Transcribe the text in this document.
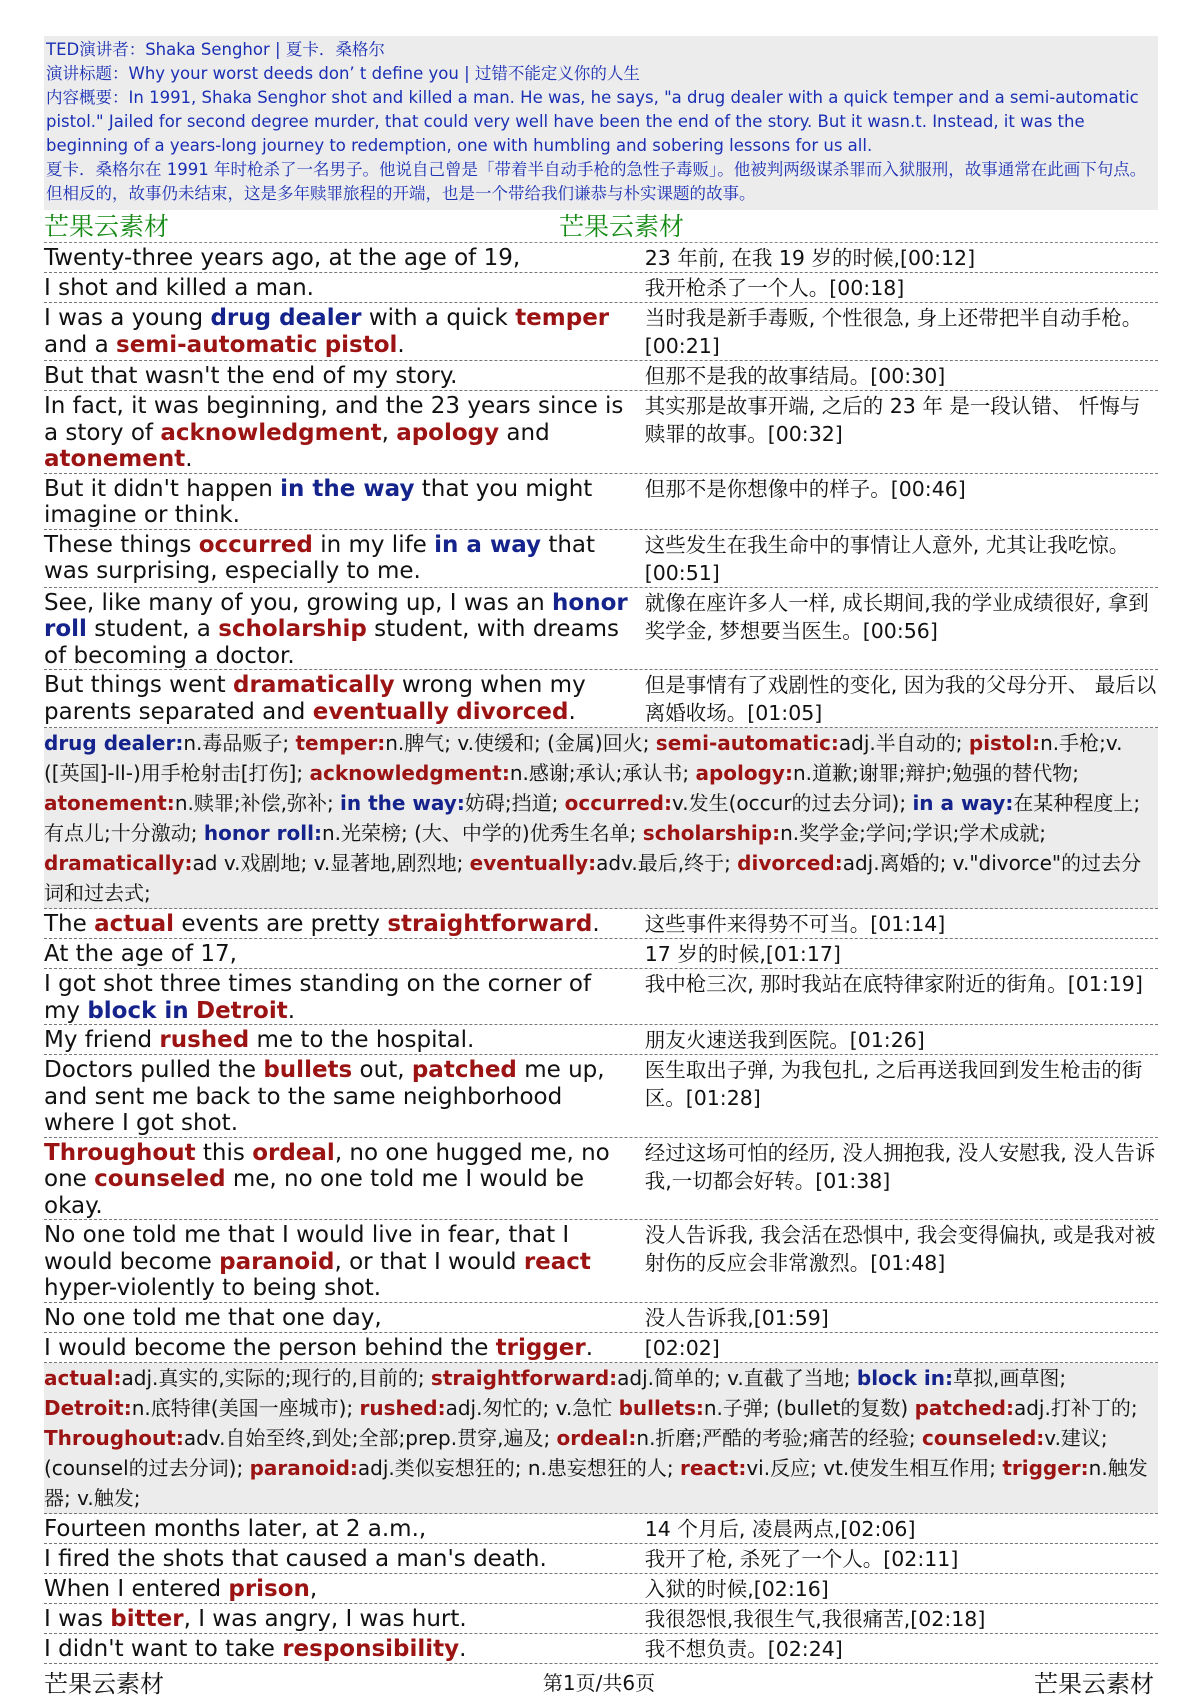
TED演讲者：Shaka Senghor | 夏卡．桑格尔
演讲标题：Why your worst deeds don’ t define you | 过错不能定义你的人生
内容概要：In 1991, Shaka Senghor shot and killed a man. He was, he says, "a drug dealer with a quick temper and a semi-automatic pistol." Jailed for second degree murder, that could very well have been the end of the story. But it wasn.t. Instead, it was the beginning of a years-long journey to redemption, one with humbling and sobering lessons for us all.
夏卡．桑格尔在 1991 年时枪杀了一名男子。他说自己曾是「带着半自动手枪的急性子毒贩」。他被判两级谋杀罪而入狱服刑，故事通常在此画下句点。但相反的，故事仍未结束，这是多年赎罪旅程的开端，也是一个带给我们谦恭与朴实课题的故事。
芒果云素材	芒果云素材
Twenty-three years ago, at the age of 19,	23 年前, 在我 19 岁的时候,[00:12]
I shot and killed a man.	我开枪杀了一个人。[00:18]
I was a young drug dealer with a quick temper and a semi-automatic pistol.
当时我是新手毒贩, 个性很急, 身上还带把半自动手枪。[00:21]
But that wasn't the end of my story.	但那不是我的故事结局。[00:30]
In fact, it was beginning, and the 23 years since is a story of acknowledgment, apology and atonement.
其实那是故事开端, 之后的 23 年 是一段认错、 忏悔与赎罪的故事。[00:32]
But it didn't happen in the way that you might imagine or think.
但那不是你想像中的样子。[00:46]
These things occurred in my life in a way that was surprising, especially to me.
这些发生在我生命中的事情让人意外, 尤其让我吃惊。[00:51]
See, like many of you, growing up, I was an honor roll student, a scholarship student, with dreams of becoming a doctor.
就像在座许多人一样, 成长期间,我的学业成绩很好, 拿到奖学金, 梦想要当医生。[00:56]
But things went dramatically wrong when my parents separated and eventually divorced.
但是事情有了戏剧性的变化, 因为我的父母分开、 最后以离婚收场。[01:05]
drug dealer:n.毒品贩子; temper:n.脾气; v.使缓和; (金属)回火; semi-automatic:adj.半自动的; pistol:n.手枪;v.([英国]-ll-)用手枪射击[打伤]; acknowledgment:n.感谢;承认;承认书; apology:n.道歉;谢罪;辩护;勉强的替代物; atonement:n.赎罪;补偿,弥补; in the way:妨碍;挡道; occurred:v.发生(occur的过去分词); in a way:在某种程度上;有点儿;十分激动; honor roll:n.光荣榜; (大、中学的)优秀生名单; scholarship:n.奖学金;学问;学识;学术成就; dramatically:ad v.戏剧地; v.显著地,剧烈地; eventually:adv.最后,终于; divorced:adj.离婚的; v."divorce"的过去分词和过去式;
The actual events are pretty straightforward.	这些事件来得势不可当。[01:14]
At the age of 17,	17 岁的时候,[01:17]
I got shot three times standing on the corner of my block in Detroit.
我中枪三次, 那时我站在底特律家附近的街角。[01:19]
My friend rushed me to the hospital.	朋友火速送我到医院。[01:26]
Doctors pulled the bullets out, patched me up, and sent me back to the same neighborhood where I got shot.
医生取出子弹, 为我包扎, 之后再送我回到发生枪击的街区。[01:28]
Throughout this ordeal, no one hugged me, no one counseled me, no one told me I would be okay.
经过这场可怕的经历, 没人拥抱我, 没人安慰我, 没人告诉我,一切都会好转。[01:38]
No one told me that I would live in fear, that I would become paranoid, or that I would react hyper-violently to being shot.
没人告诉我, 我会活在恐惧中, 我会变得偏执, 或是我对被射伤的反应会非常激烈。[01:48]
No one told me that one day,	没人告诉我,[01:59]
I would become the person behind the trigger.	[02:02]
actual:adj.真实的,实际的;现行的,目前的; straightforward:adj.简单的; v.直截了当地; block in:草拟,画草图; Detroit:n.底特律(美国一座城市); rushed:adj.匆忙的; v.急忙 bullets:n.子弹; (bullet的复数) patched:adj.打补丁的; Throughout:adv.自始至终,到处;全部;prep.贯穿,遍及; ordeal:n.折磨;严酷的考验;痛苦的经验; counseled:v.建议; (counsel的过去分词); paranoid:adj.类似妄想狂的; n.患妄想狂的人; react:vi.反应; vt.使发生相互作用; trigger:n.触发器; v.触发;
Fourteen months later, at 2 a.m.,	14 个月后, 凌晨两点,[02:06]
I fired the shots that caused a man's death.	我开了枪, 杀死了一个人。[02:11]
When I entered prison,	入狱的时候,[02:16]
I was bitter, I was angry, I was hurt.	我很怨恨,我很生气,我很痛苦,[02:18]
I didn't want to take responsibility.	我不想负责。[02:24]
芒果云素材	第1页/共6页	芒果云素材
